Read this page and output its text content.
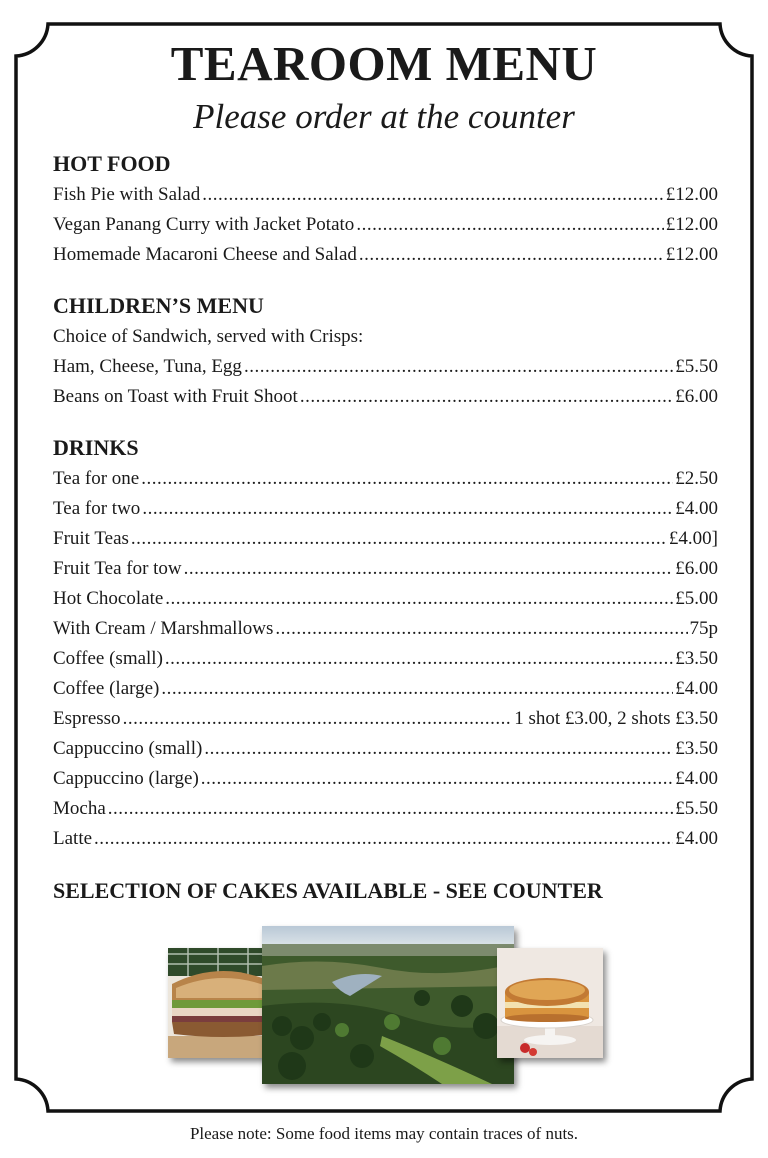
TEAROOM MENU
Please order at the counter
HOT FOOD
Fish Pie with Salad .....	£12.00
Vegan Panang Curry with Jacket Potato .....	£12.00
Homemade Macaroni Cheese and Salad .....	£12.00
CHILDREN’S MENU
Choice of Sandwich, served with Crisps:
Ham, Cheese, Tuna, Egg .....	£5.50
Beans on Toast with Fruit Shoot .....	£6.00
DRINKS
Tea for one .....	£2.50
Tea for two .....	£4.00
Fruit Teas .....	£4.00]
Fruit Tea for tow .....	£6.00
Hot Chocolate .....	£5.00
With Cream / Marshmallows .....	75p
Coffee (small) .....	£3.50
Coffee (large) .....	£4.00
Espresso .....	1 shot £3.00, 2 shots £3.50
Cappuccino (small) .....	£3.50
Cappuccino (large) .....	£4.00
Mocha .....	£5.50
Latte .....	£4.00
SELECTION OF CAKES AVAILABLE - SEE COUNTER
Please note: Some food items may contain traces of nuts.
